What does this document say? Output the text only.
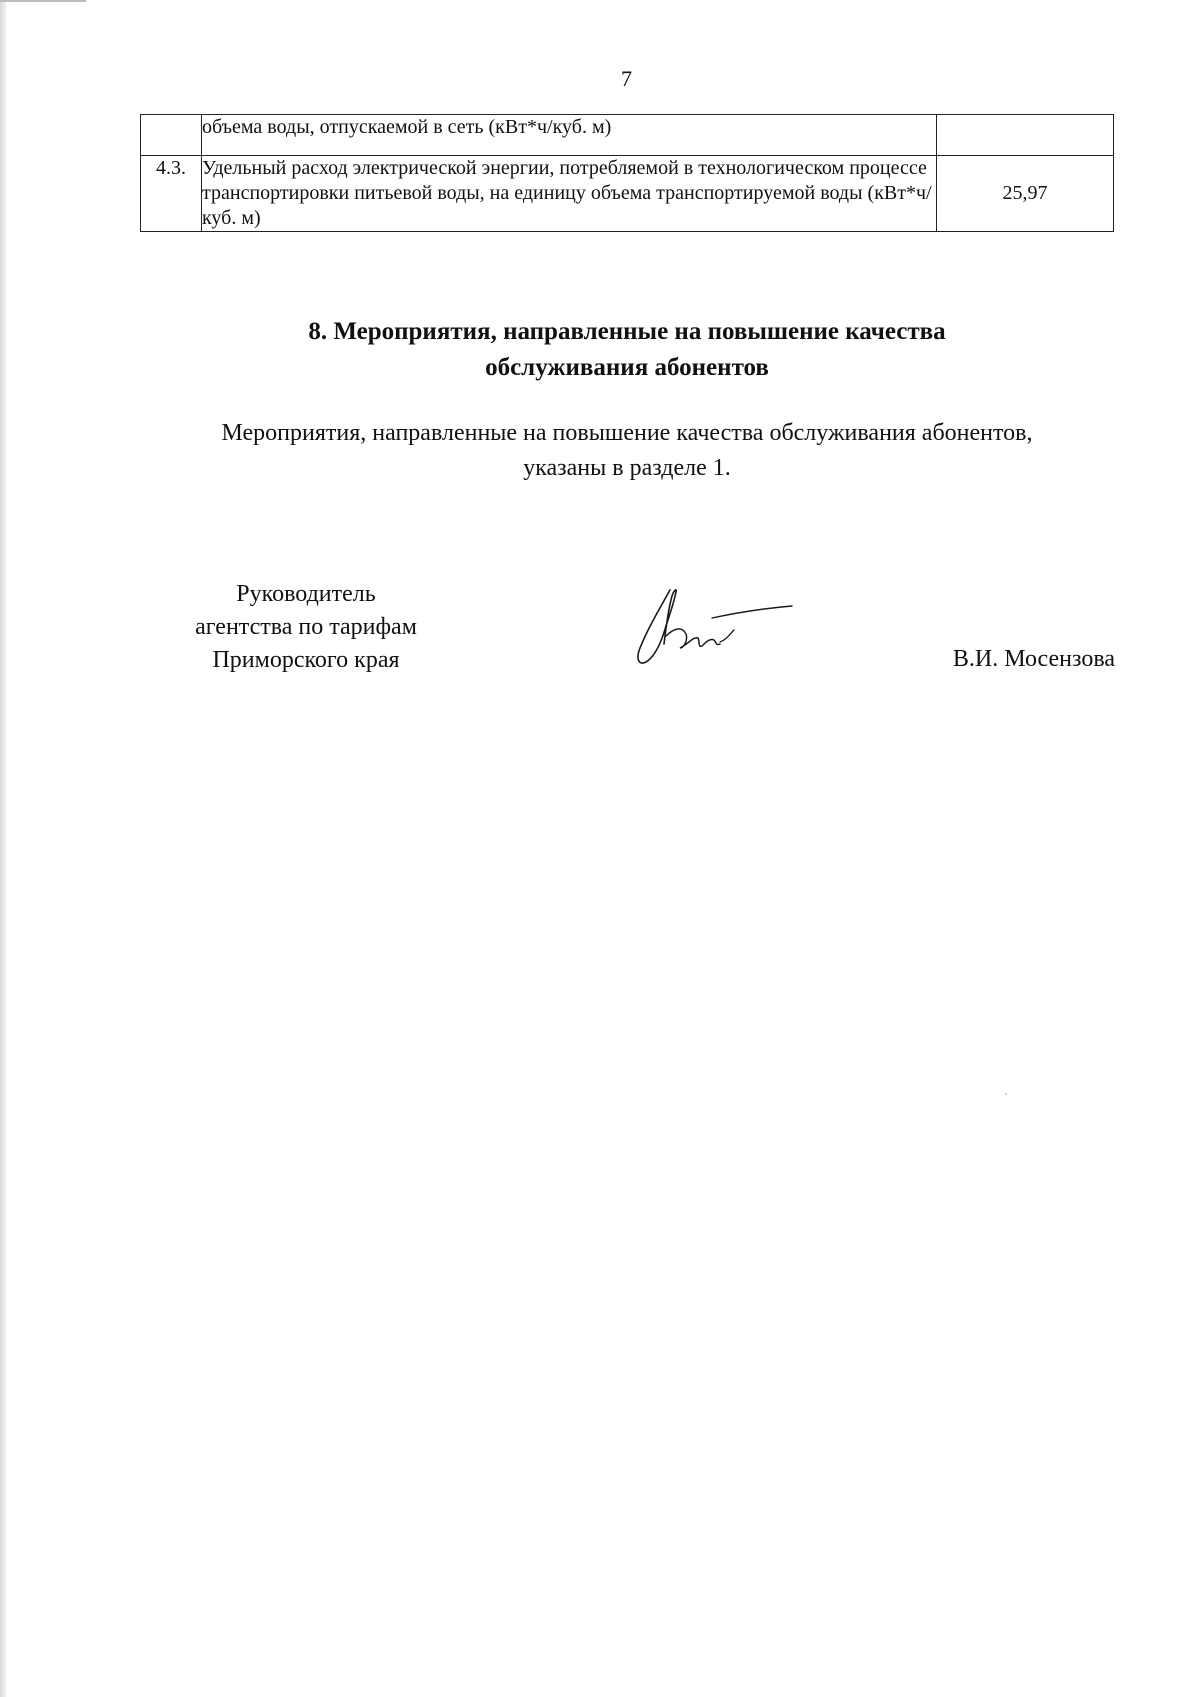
7
	объема воды, отпускаемой в сеть (кВт*ч/куб. м)	
4.3.	Удельный расход электрической энергии, потребляемой в технологическом процессе транспортировки питьевой воды, на единицу объема транспортируемой воды (кВт*ч/куб. м)	25,97
8. Мероприятия, направленные на повышение качества
обслуживания абонентов
Мероприятия, направленные на повышение качества обслуживания абонентов,
указаны в разделе 1.
Руководитель
агентства по тарифам
Приморского края	В.И. Мосензова
